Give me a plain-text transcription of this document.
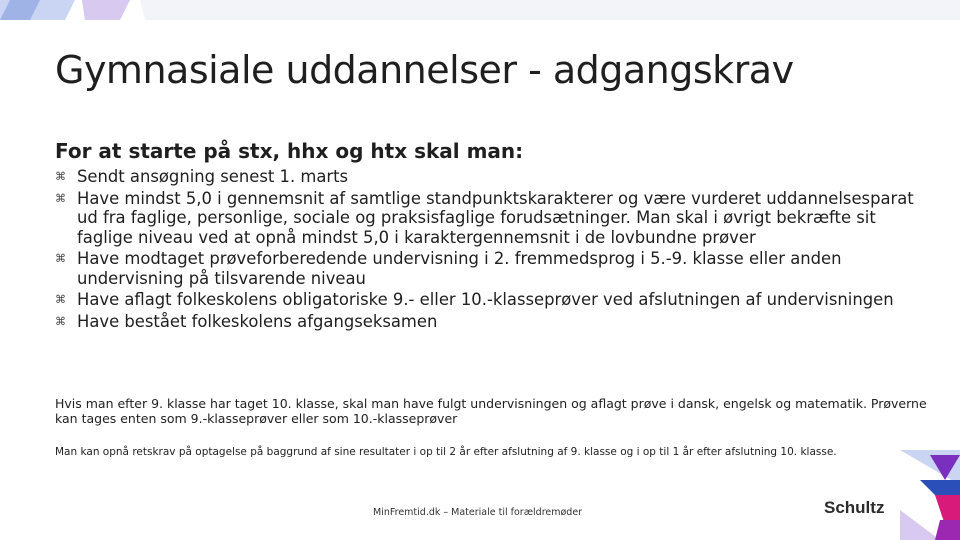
Gymnasiale uddannelser - adgangskrav
For at starte på stx, hhx og htx skal man:
⌘ Sendt ansøgning senest 1. marts
⌘ Have mindst 5,0 i gennemsnit af samtlige standpunktskarakterer og være vurderet uddannelsesparat ud fra faglige, personlige, sociale og praksisfaglige forudsætninger. Man skal i øvrigt bekræfte sit faglige niveau ved at opnå mindst 5,0 i karaktergennemsnit i de lovbundne prøver
⌘ Have modtaget prøveforberedende undervisning i 2. fremmedsprog i 5.-9. klasse eller anden undervisning på tilsvarende niveau
⌘ Have aflagt folkeskolens obligatoriske 9.- eller 10.-klasseprøver ved afslutningen af undervisningen
⌘ Have bestået folkeskolens afgangseksamen
Hvis man efter 9. klasse har taget 10. klasse, skal man have fulgt undervisningen og aflagt prøve i dansk, engelsk og matematik. Prøverne kan tages enten som 9.-klasseprøver eller som 10.-klasseprøver
Man kan opnå retskrav på optagelse på baggrund af sine resultater i op til 2 år efter afslutning af 9. klasse og i op til 1 år efter afslutning 10. klasse.
MinFremtid.dk – Materiale til forældremøder	Schultz
